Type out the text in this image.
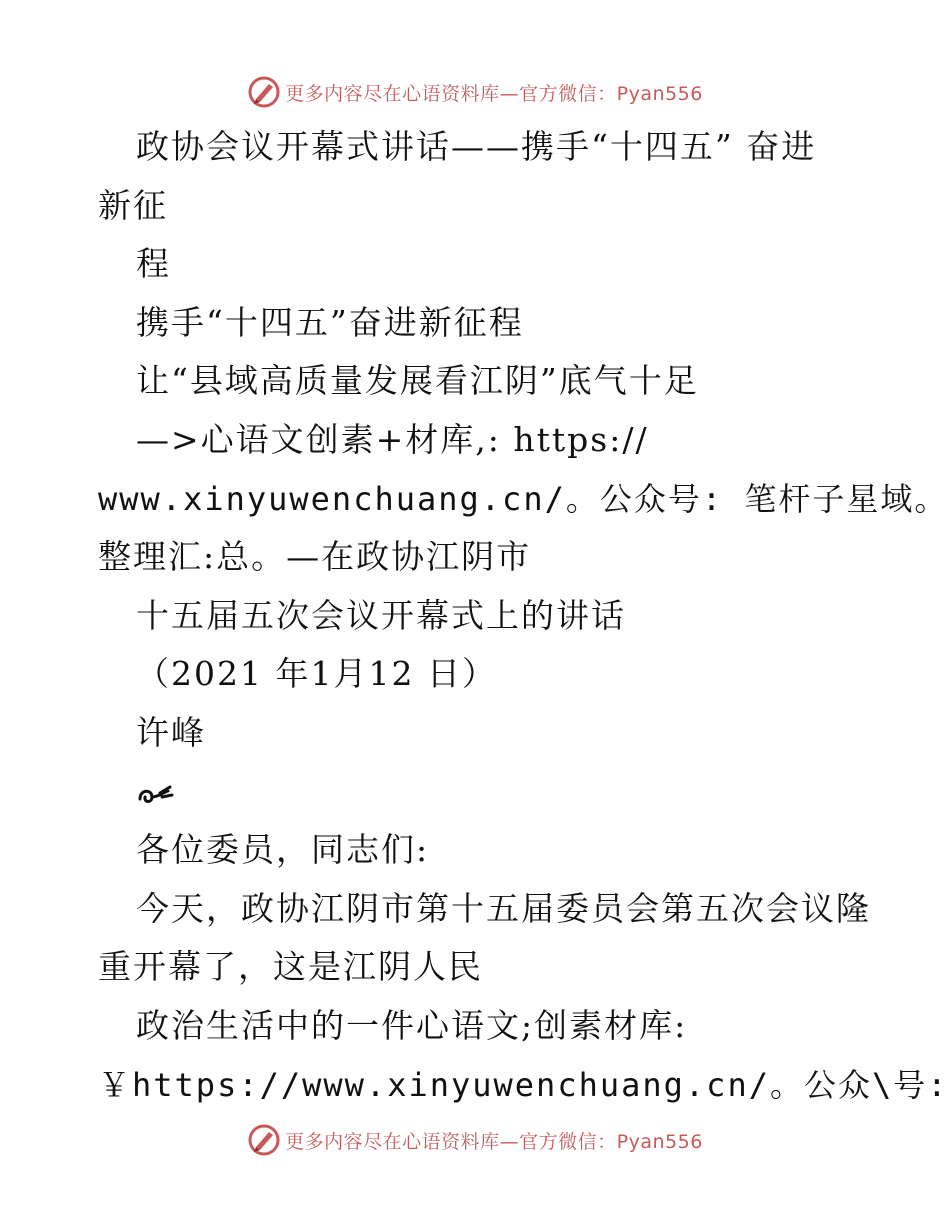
更多内容尽在心语资料库—官方微信：Pyan556
政协会议开幕式讲话——携手“十四五” 奋进
新征
程
携手“十四五”奋进新征程
让“县域高质量发展看江阴”底气十足
—>心语文创素+材库,: https://
www.xinyuwenchuang.cn/。公众号: 笔杆子星域。
整理汇:总。—在政协江阴市
十五届五次会议开幕式上的讲话
（2021 年1月12 日）
许峰
各位委员，同志们:
今天，政协江阴市第十五届委员会第五次会议隆
重开幕了，这是江阴人民
政治生活中的一件心语文;创素材库:
￥https://www.xinyuwenchuang.cn/。公众\号:
更多内容尽在心语资料库—官方微信：Pyan556
